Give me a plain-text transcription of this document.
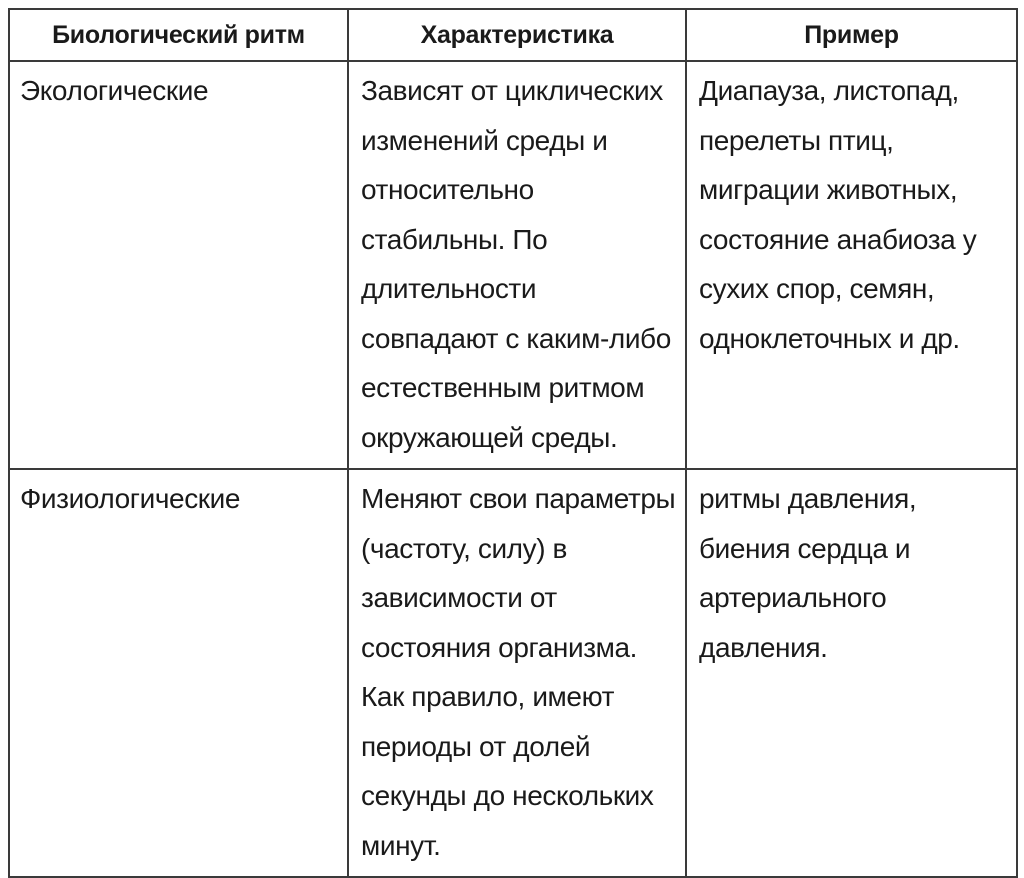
Биологический ритм	Характеристика	Пример
Экологические	Зависят от циклических изменений среды и относительно стабильны. По длительности совпадают с каким-либо естественным ритмом окружающей среды.	Диапауза, листопад, перелеты птиц, миграции животных, состояние анабиоза у сухих спор, семян, одноклеточных и др.
Физиологические	Меняют свои параметры (частоту, силу) в зависимости от состояния организма. Как правило, имеют периоды от долей секунды до нескольких минут.	ритмы давления, биения сердца и артериального давления.
